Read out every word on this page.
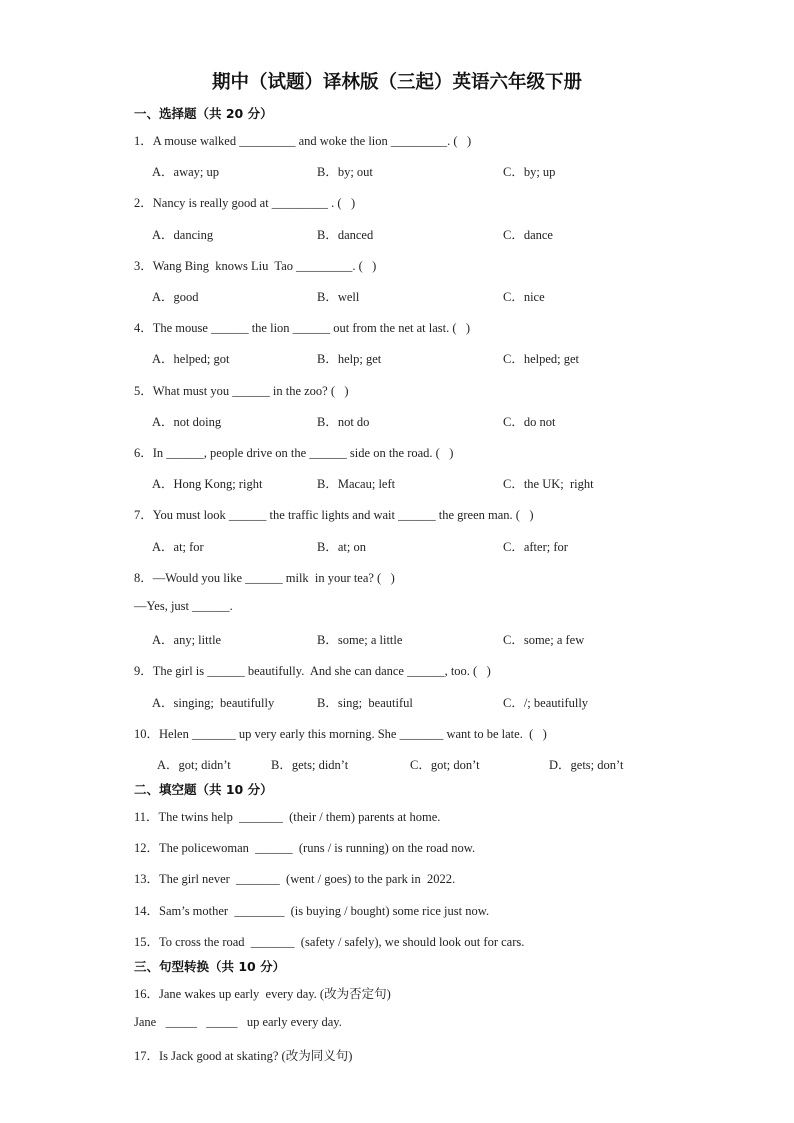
期中（试题）译林版（三起）英语六年级下册
一、选择题（共 20 分）
1．A mouse walked _________ and woke the lion _________. (   )
A．away; up	B．by; out	C．by; up
2．Nancy is really good at _________ . (   )
A．dancing	B．danced	C．dance
3．Wang Bing  knows Liu  Tao _________. (   )
A．good	B．well	C．nice
4．The mouse ______ the lion ______ out from the net at last. (   )
A．helped; got	B．help; get	C．helped; get
5．What must you ______ in the zoo? (   )
A．not doing	B．not do	C．do not
6．In ______, people drive on the ______ side on the road. (   )
A．Hong Kong; right	B．Macau; left	C．the UK;  right
7．You must look ______ the traffic lights and wait ______ the green man. (   )
A．at; for	B．at; on	C．after; for
8．—Would you like ______ milk  in your tea? (   )
—Yes, just ______.
A．any; little	B．some; a little	C．some; a few
9．The girl is ______ beautifully.  And she can dance ______, too. (   )
A．singing;  beautifully	B．sing;  beautiful	C．/; beautifully
10．Helen _______ up very early this morning. She _______ want to be late.  (   )
A．got; didn’t	B．gets; didn’t	C．got; don’t	D．gets; don’t
二、填空题（共 10 分）
11．The twins help  _______  (their / them) parents at home.
12．The policewoman  ______  (runs / is running) on the road now.
13．The girl never  _______  (went / goes) to the park in  2022.
14．Sam’s mother  ________  (is buying / bought) some rice just now.
15．To cross the road  _______  (safety / safely), we should look out for cars.
三、句型转换（共 10 分）
16．Jane wakes up early  every day. (改为否定句)
Jane   _____   _____   up early every day.
17．Is Jack good at skating? (改为同义句)
